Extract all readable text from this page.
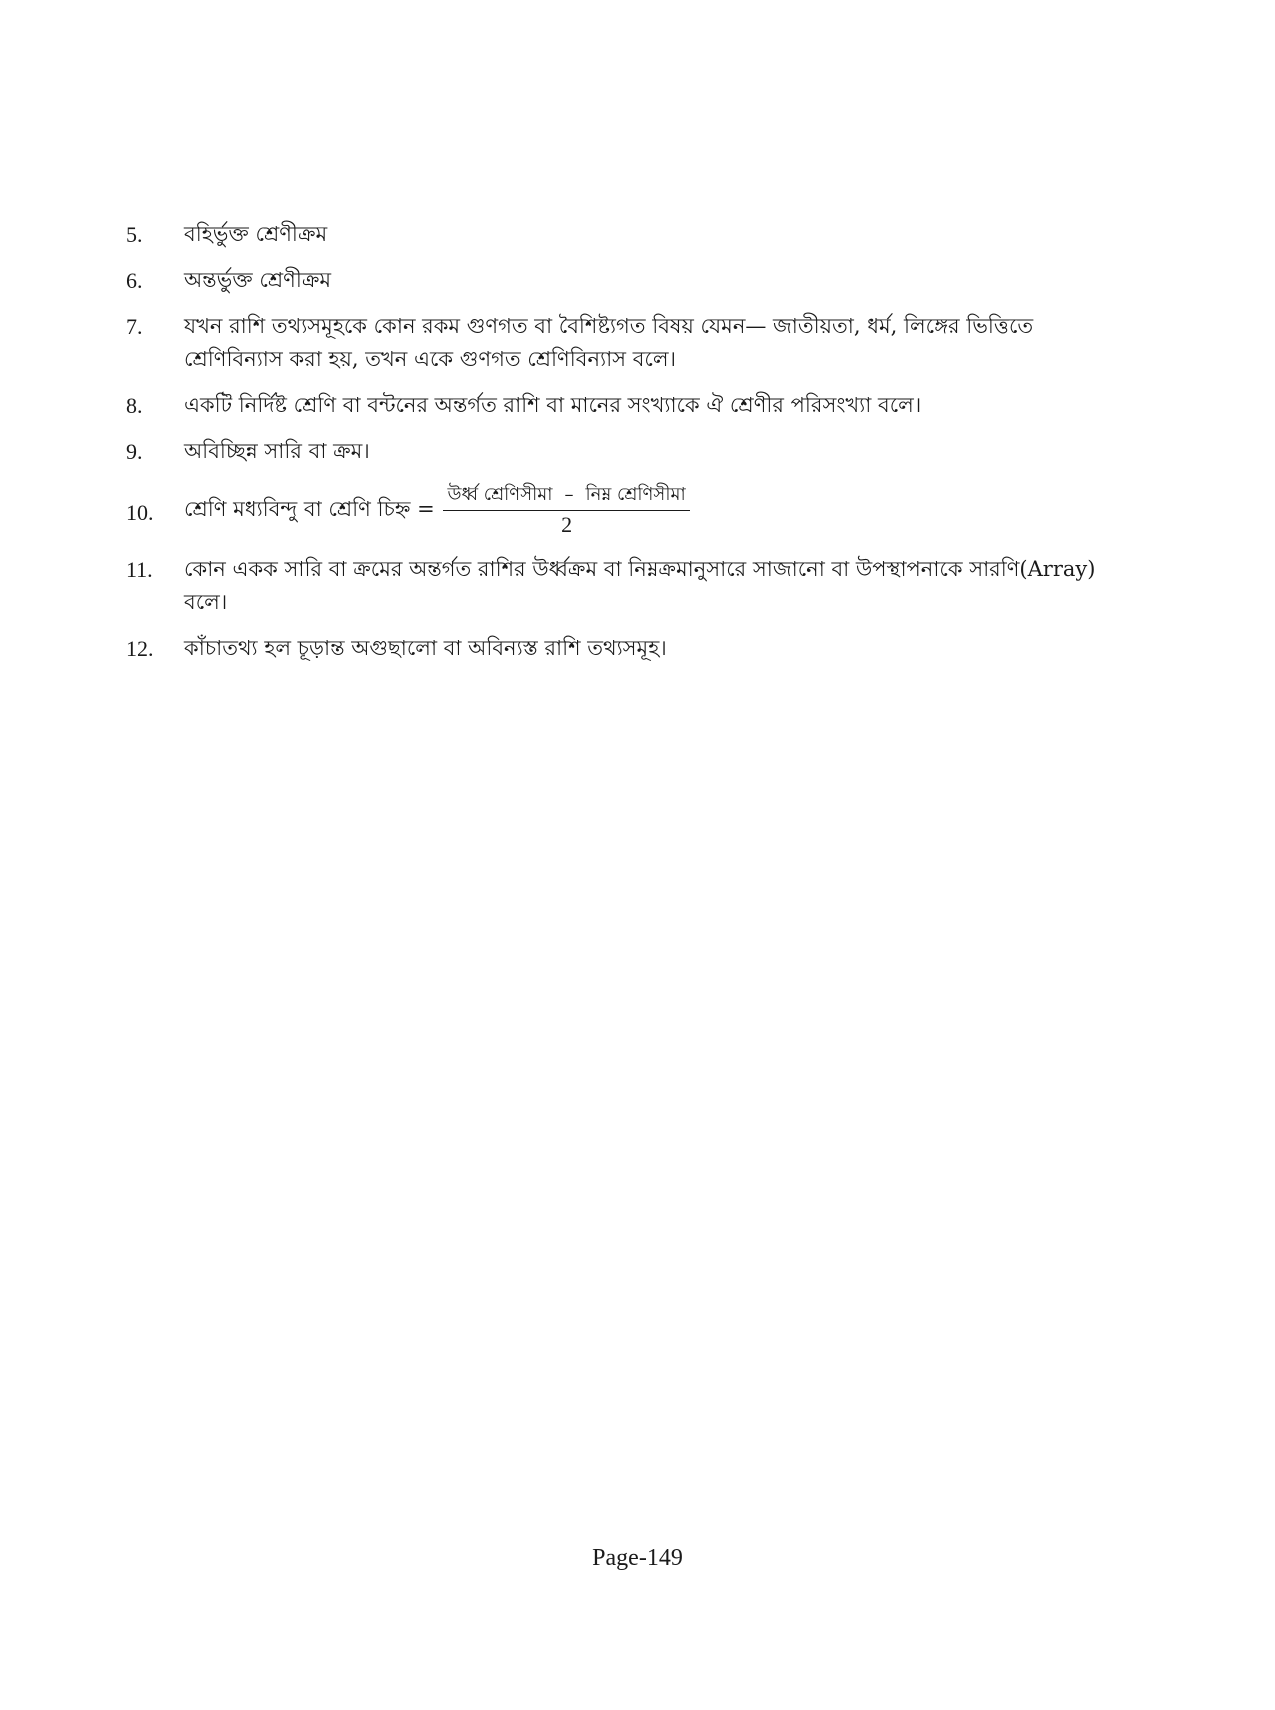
5.	বহির্ভুক্ত শ্রেণীক্রম
6.	অন্তর্ভুক্ত শ্রেণীক্রম
7.	যখন রাশি তথ্যসমূহকে কোন রকম গুণগত বা বৈশিষ্ট্যগত বিষয় যেমন— জাতীয়তা, ধর্ম, লিঙ্গের ভিত্তিতে শ্রেণিবিন্যাস করা হয়, তখন একে গুণগত শ্রেণিবিন্যাস বলে।
8.	একটি নির্দিষ্ট শ্রেণি বা বন্টনের অন্তর্গত রাশি বা মানের সংখ্যাকে ঐ শ্রেণীর পরিসংখ্যা বলে।
9.	অবিচ্ছিন্ন সারি বা ক্রম।
10.	শ্রেণি মধ্যবিন্দু বা শ্রেণি চিহ্ন = $\frac{\text{উর্ধ্ব শ্রেণিসীমা – নিম্ন শ্রেণিসীমা}}{2}$
11.	কোন একক সারি বা ক্রমের অন্তর্গত রাশির উর্ধ্বক্রম বা নিম্নক্রমানুসারে সাজানো বা উপস্থাপনাকে সারণি(Array) বলে।
12.	কাঁচাতথ্য হল চূড়ান্ত অগুছালো বা অবিন্যস্ত রাশি তথ্যসমূহ।
Page-149
